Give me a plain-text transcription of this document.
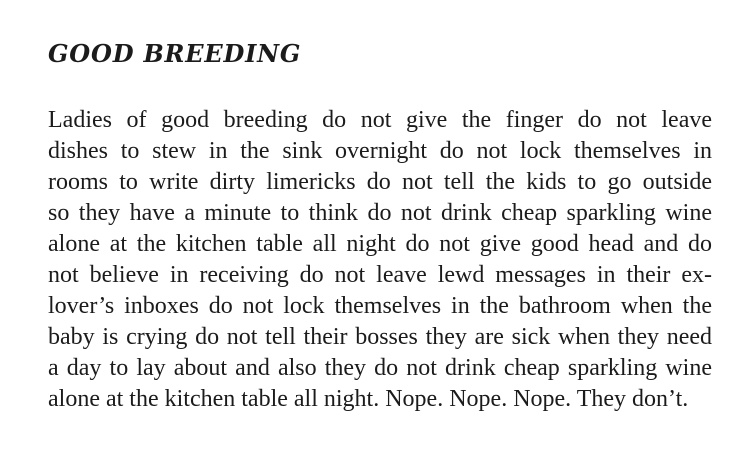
GOOD BREEDING
Ladies of good breeding do not give the finger do not leave
dishes to stew in the sink overnight do not lock themselves in
rooms to write dirty limericks do not tell the kids to go outside
so they have a minute to think do not drink cheap sparkling wine
alone at the kitchen table all night do not give good head and do
not believe in receiving do not leave lewd messages in their ex-
lover’s inboxes do not lock themselves in the bathroom when the
baby is crying do not tell their bosses they are sick when they need
a day to lay about and also they do not drink cheap sparkling wine
alone at the kitchen table all night. Nope. Nope. Nope. They don’t.
